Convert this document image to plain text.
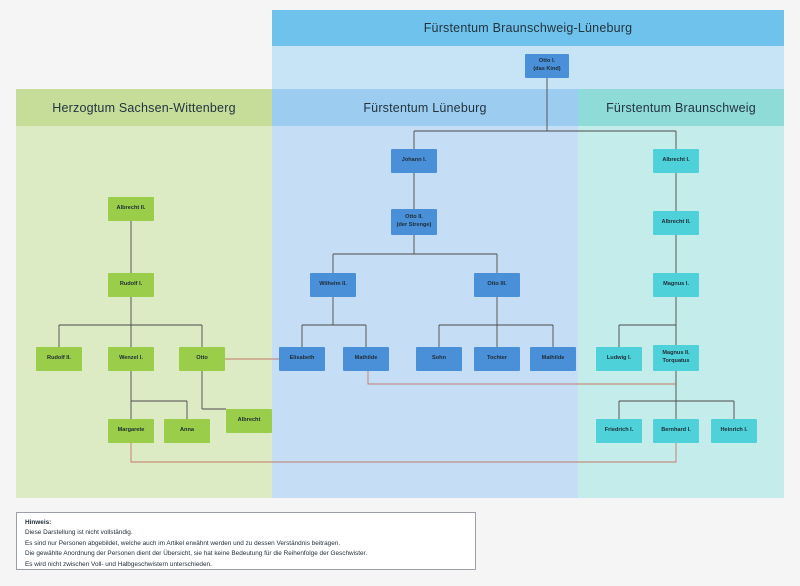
Fürstentum Braunschweig-Lüneburg
Herzogtum Sachsen-Wittenberg	Fürstentum Lüneburg	Fürstentum Braunschweig
Otto I.
(das Kind)
Johann I.	Albrecht I.
Otto II.
(der Strenge)	Albrecht II.
Albrecht II.
Wilhelm II.	Otto III.	Magnus I.
Rudolf I.
Rudolf II.	Wenzel I.	Otto	Elisabeth	Mathilde	Sohn	Tochter	Mathilde	Ludwig I.
Magnus II.
Torquatus
Margarete	Anna
Albrecht
Friedrich I.	Bernhard I.	Heinrich I.
Hinweis:
Diese Darstellung ist nicht vollständig.
Es sind nur Personen abgebildet, welche auch im Artikel erwähnt werden und zu dessen Verständnis beitragen.
Die gewählte Anordnung der Personen dient der Übersicht, sie hat keine Bedeutung für die Reihenfolge der Geschwister.
Es wird nicht zwischen Voll- und Halbgeschwistern unterschieden.
